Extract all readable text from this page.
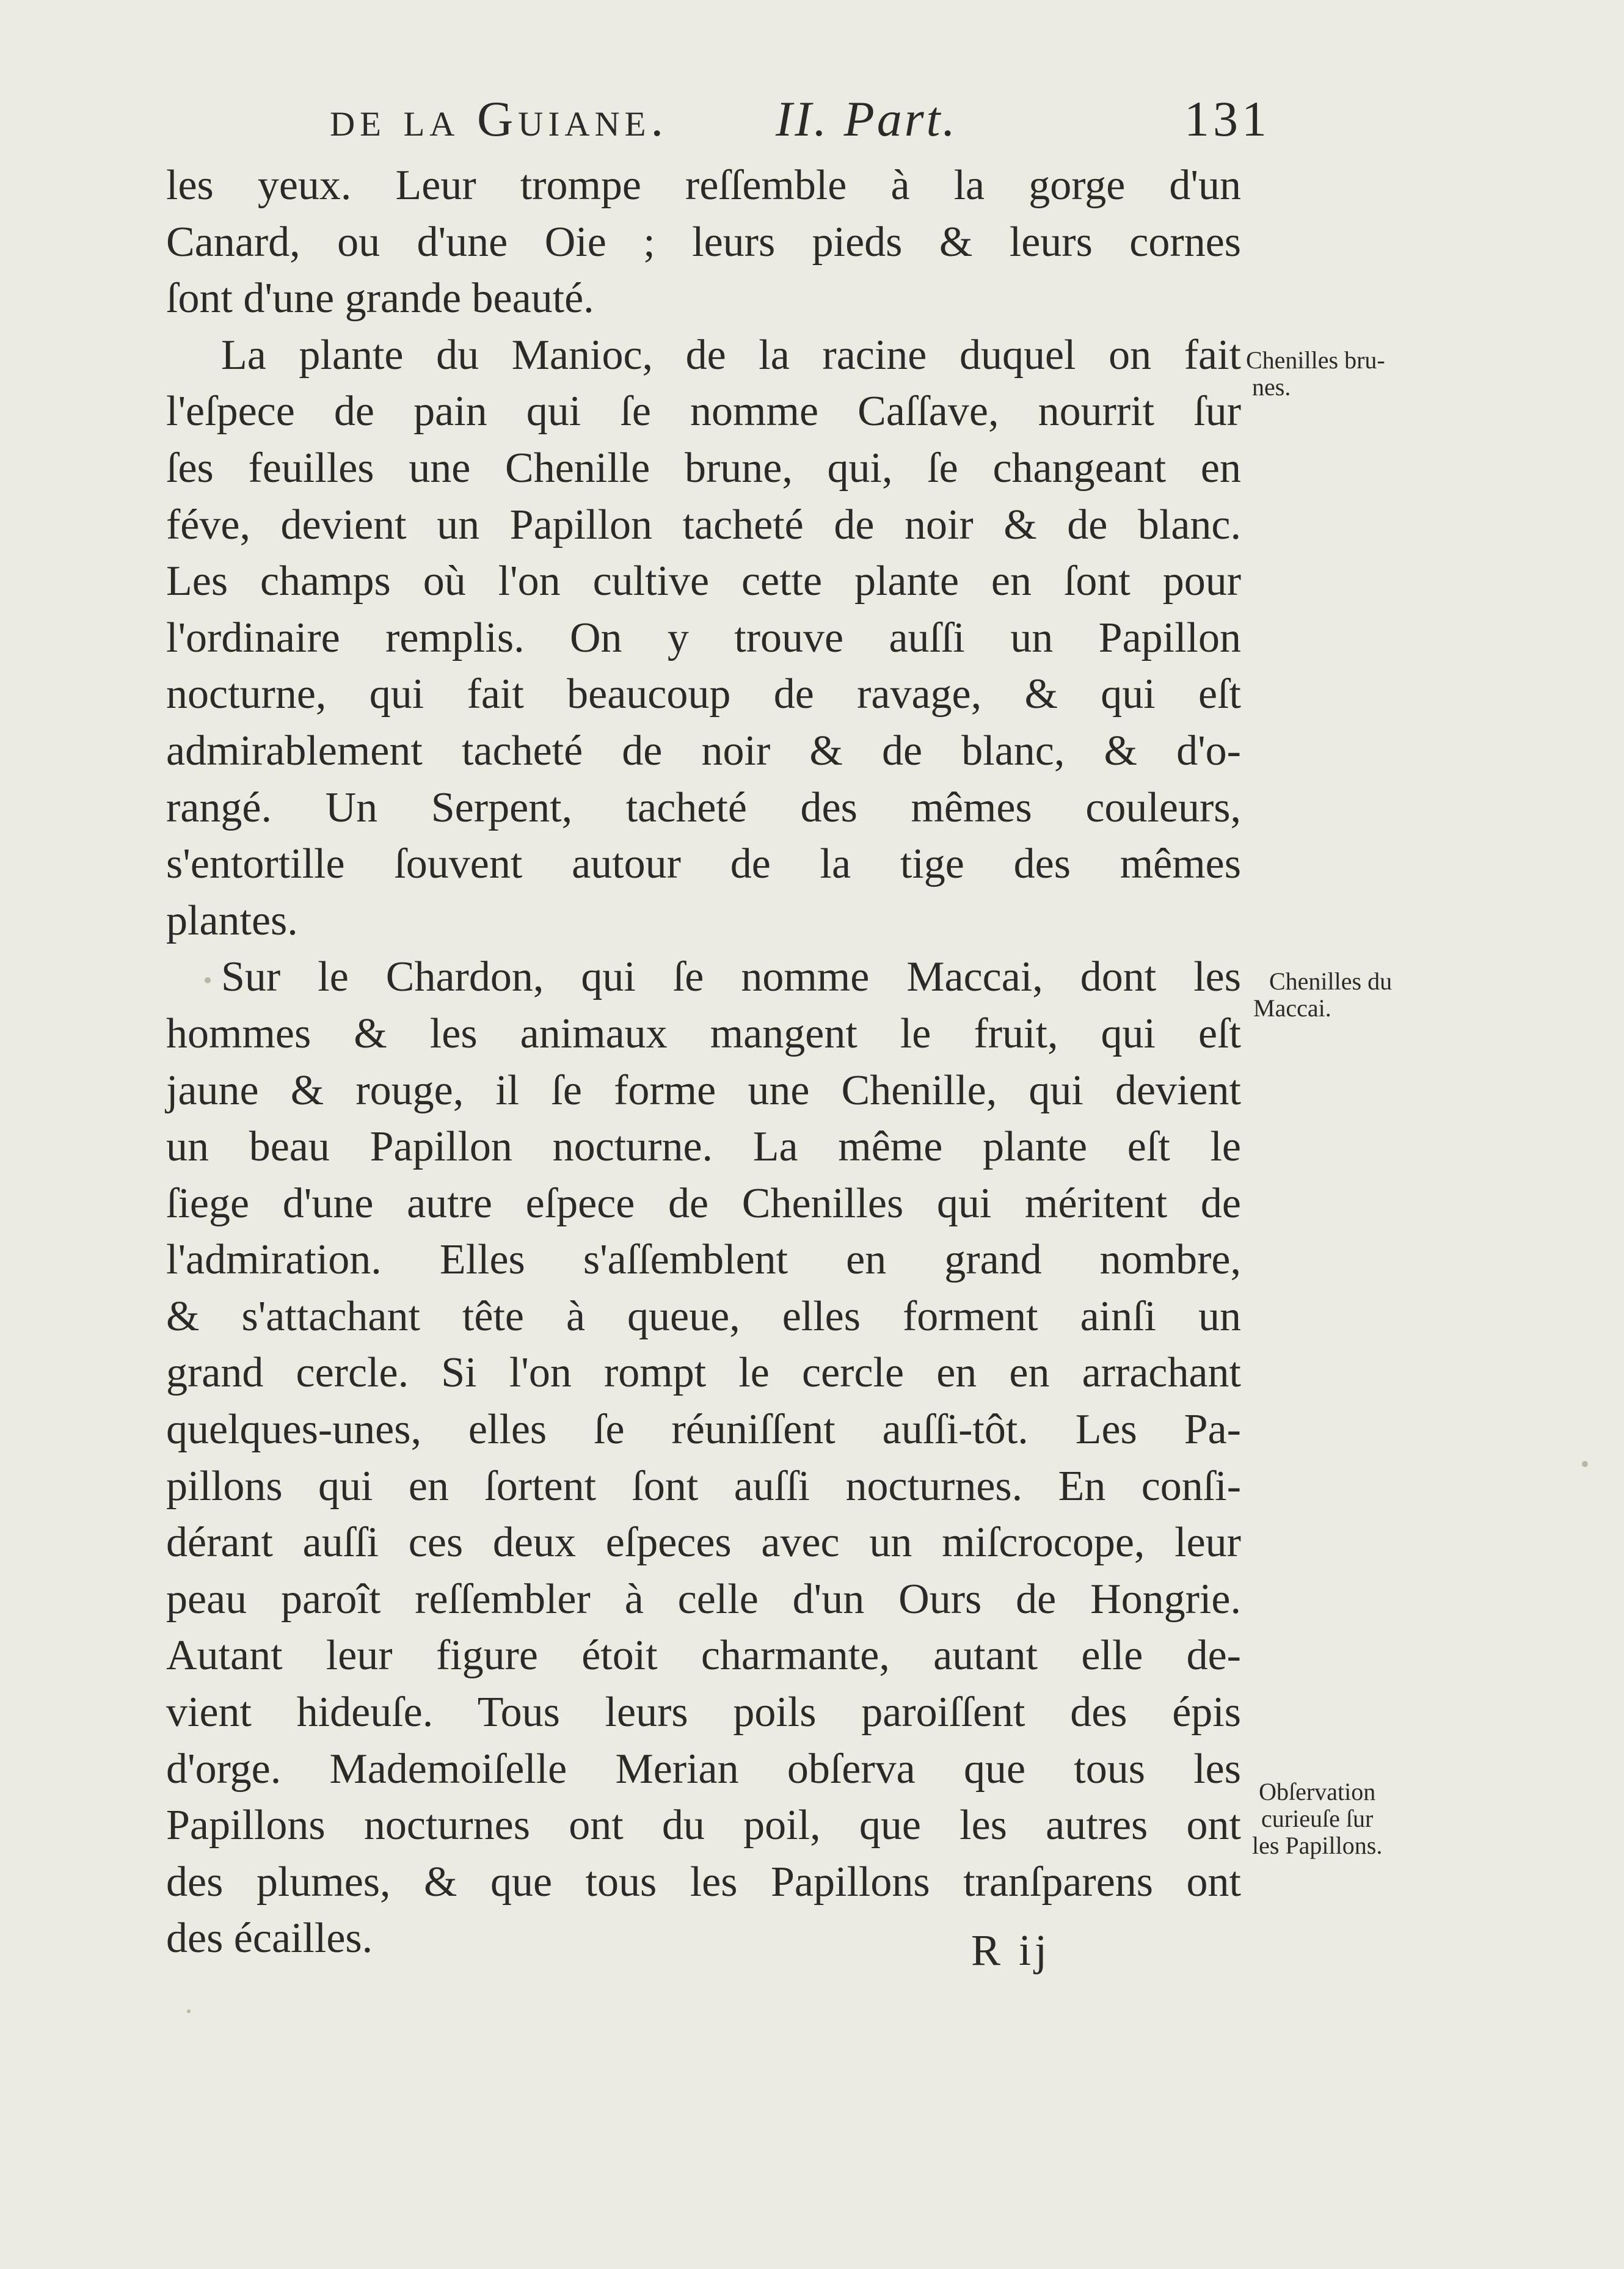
de la Guiane. II. Part.	131
les yeux. Leur trompe reſſemble à la gorge d'un
Canard, ou d'une Oie ; leurs pieds & leurs cornes
ſont d'une grande beauté.
La plante du Manioc, de la racine duquel on fait
l'eſpece de pain qui ſe nomme Caſſave, nourrit ſur
ſes feuilles une Chenille brune, qui, ſe changeant en
féve, devient un Papillon tacheté de noir & de blanc.
Les champs où l'on cultive cette plante en ſont pour
l'ordinaire remplis. On y trouve auſſi un Papillon
nocturne, qui fait beaucoup de ravage, & qui eſt
admirablement tacheté de noir & de blanc, & d'o-
rangé. Un Serpent, tacheté des mêmes couleurs,
s'entortille ſouvent autour de la tige des mêmes
plantes.
Sur le Chardon, qui ſe nomme Maccai, dont les
hommes & les animaux mangent le fruit, qui eſt
jaune & rouge, il ſe forme une Chenille, qui devient
un beau Papillon nocturne. La même plante eſt le
ſiege d'une autre eſpece de Chenilles qui méritent de
l'admiration. Elles s'aſſemblent en grand nombre,
& s'attachant tête à queue, elles forment ainſi un
grand cercle. Si l'on rompt le cercle en en arrachant
quelques-unes, elles ſe réuniſſent auſſi-tôt. Les Pa-
pillons qui en ſortent ſont auſſi nocturnes. En conſi-
dérant auſſi ces deux eſpeces avec un miſcrocope, leur
peau paroît reſſembler à celle d'un Ours de Hongrie.
Autant leur figure étoit charmante, autant elle de-
vient hideuſe. Tous leurs poils paroiſſent des épis
d'orge. Mademoiſelle Merian obſerva que tous les
Papillons nocturnes ont du poil, que les autres ont
des plumes, & que tous les Papillons tranſparens ont
des écailles.
Chenilles bru-
nes.
Chenilles du
Maccai.
Obſervation
curieuſe ſur
les Papillons.
R ij
